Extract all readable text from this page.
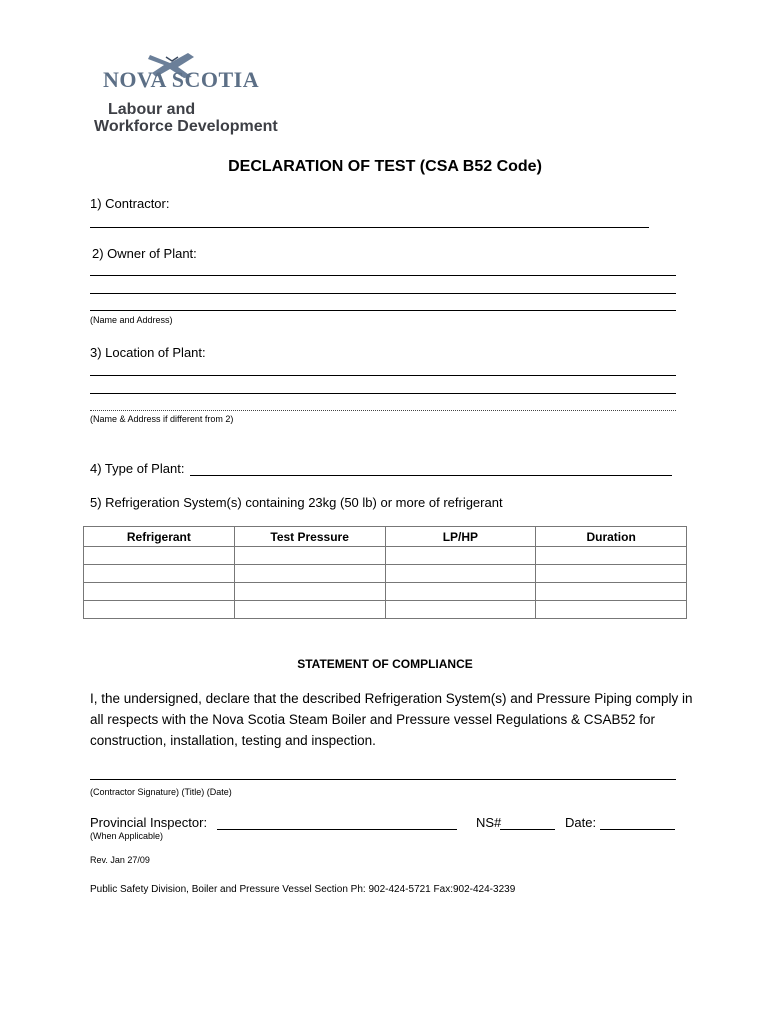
NOVA SCOTIA
Labour and
Workforce Development
DECLARATION OF TEST (CSA B52 Code)
1) Contractor:
2) Owner of Plant:
(Name and Address)
3) Location of Plant:
(Name & Address if different from 2)
4) Type of Plant:
5) Refrigeration System(s) containing 23kg (50 lb) or more of refrigerant
Refrigerant	Test Pressure	LP/HP	Duration

STATEMENT OF COMPLIANCE
I, the undersigned, declare that the described Refrigeration System(s) and Pressure Piping comply in
all respects with the Nova Scotia Steam Boiler and Pressure vessel Regulations & CSAB52 for
construction, installation, testing and inspection.
(Contractor Signature) (Title) (Date)
Provincial Inspector:	NS#	Date:
(When Applicable)
Rev. Jan 27/09
Public Safety Division, Boiler and Pressure Vessel Section Ph: 902-424-5721 Fax:902-424-3239
